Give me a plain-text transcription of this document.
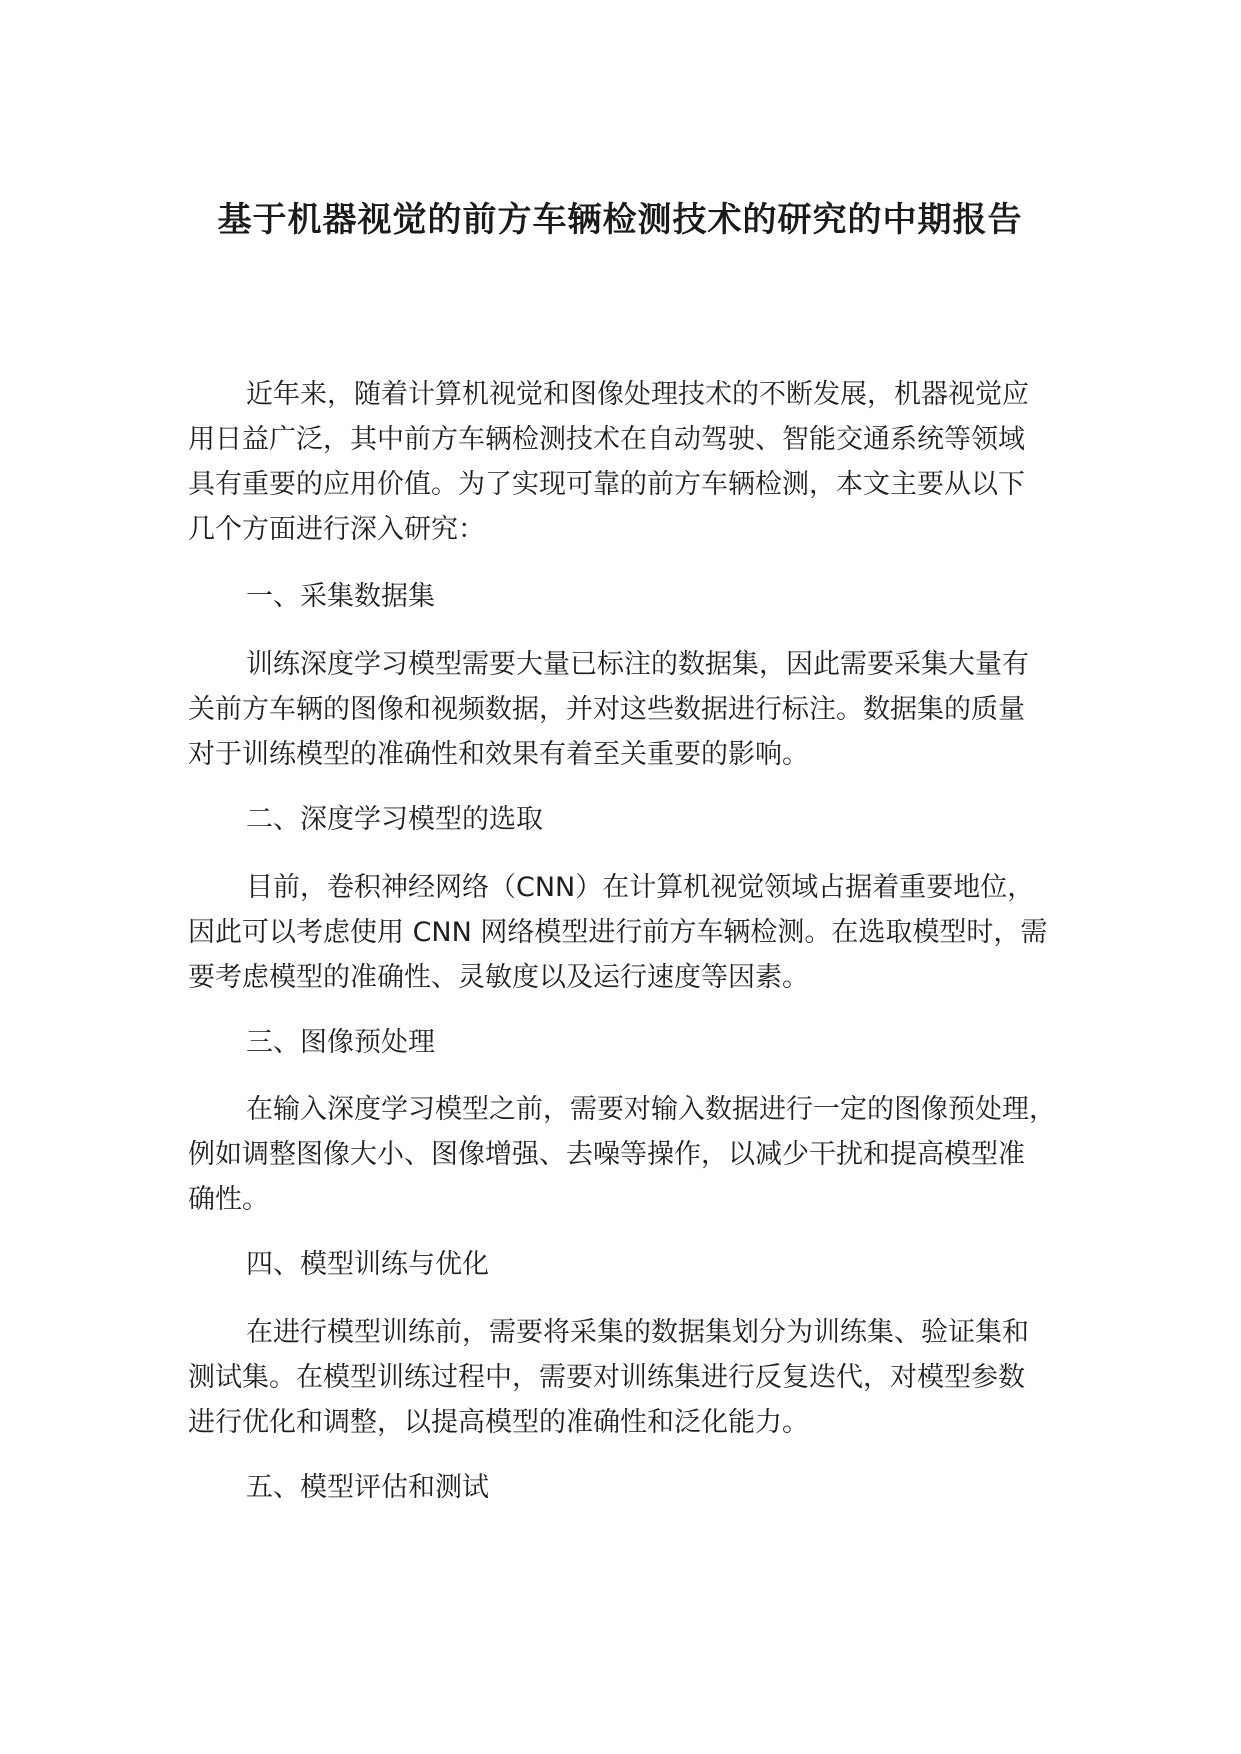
基于机器视觉的前方车辆检测技术的研究的中期报告

近年来，随着计算机视觉和图像处理技术的不断发展，机器视觉应

用日益广泛，其中前方车辆检测技术在自动驾驶、智能交通系统等领域

具有重要的应用价值。为了实现可靠的前方车辆检测，本文主要从以下

几个方面进行深入研究：

一、采集数据集

训练深度学习模型需要大量已标注的数据集，因此需要采集大量有

关前方车辆的图像和视频数据，并对这些数据进行标注。数据集的质量

对于训练模型的准确性和效果有着至关重要的影响。

二、深度学习模型的选取

目前，卷积神经网络（CNN）在计算机视觉领域占据着重要地位，

因此可以考虑使用 CNN 网络模型进行前方车辆检测。在选取模型时，需

要考虑模型的准确性、灵敏度以及运行速度等因素。

三、图像预处理

在输入深度学习模型之前，需要对输入数据进行一定的图像预处理，

例如调整图像大小、图像增强、去噪等操作，以减少干扰和提高模型准

确性。

四、模型训练与优化

在进行模型训练前，需要将采集的数据集划分为训练集、验证集和

测试集。在模型训练过程中，需要对训练集进行反复迭代，对模型参数

进行优化和调整，以提高模型的准确性和泛化能力。

五、模型评估和测试
